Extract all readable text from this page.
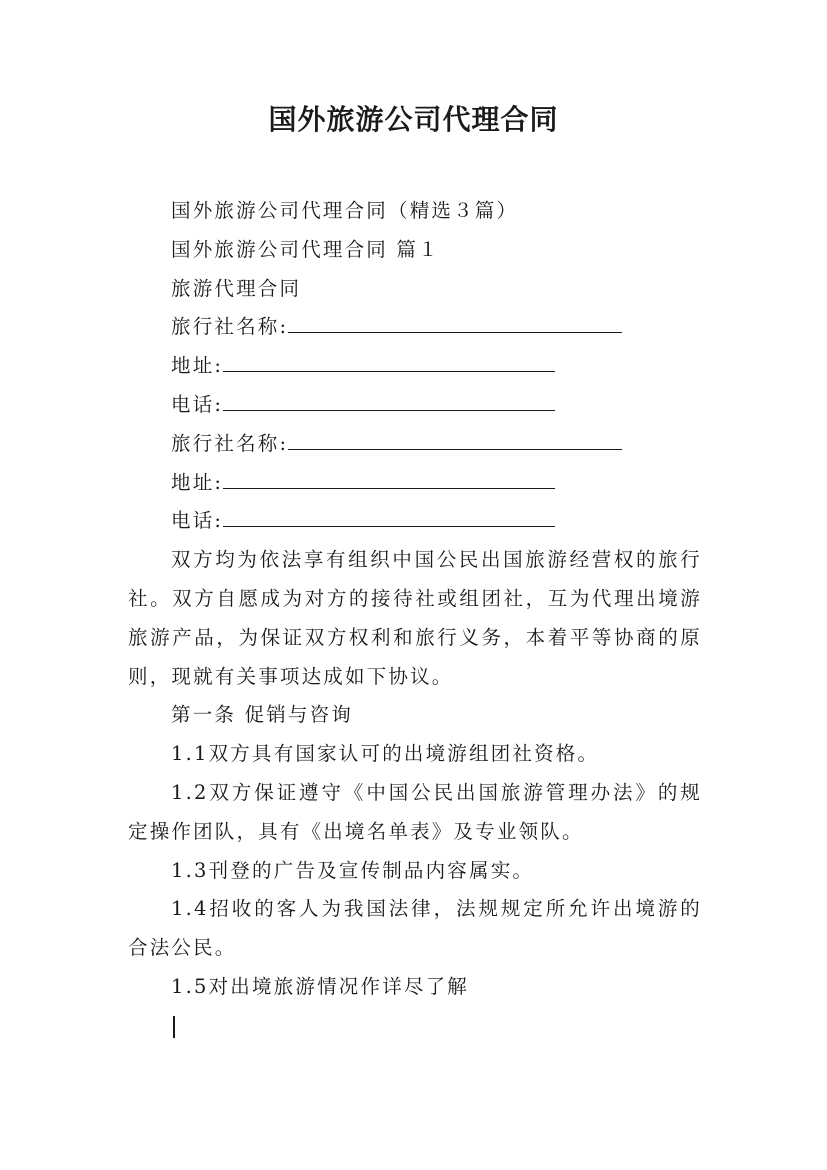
国外旅游公司代理合同

国外旅游公司代理合同（精选３篇）

国外旅游公司代理合同 篇１

旅游代理合同

旅行社名称:

地址:

电话:

旅行社名称:

地址:

电话:

双方均为依法享有组织中国公民出国旅游经营权的旅行社。双方自愿成为对方的接待社或组团社，互为代理出境游旅游产品，为保证双方权利和旅行义务，本着平等协商的原则，现就有关事项达成如下协议。

第一条 促销与咨询

1.1双方具有国家认可的出境游组团社资格。

1.2双方保证遵守《中国公民出国旅游管理办法》的规定操作团队，具有《出境名单表》及专业领队。

1.3刊登的广告及宣传制品内容属实。

1.4招收的客人为我国法律，法规规定所允许出境游的合法公民。

1.5对出境旅游情况作详尽了解
